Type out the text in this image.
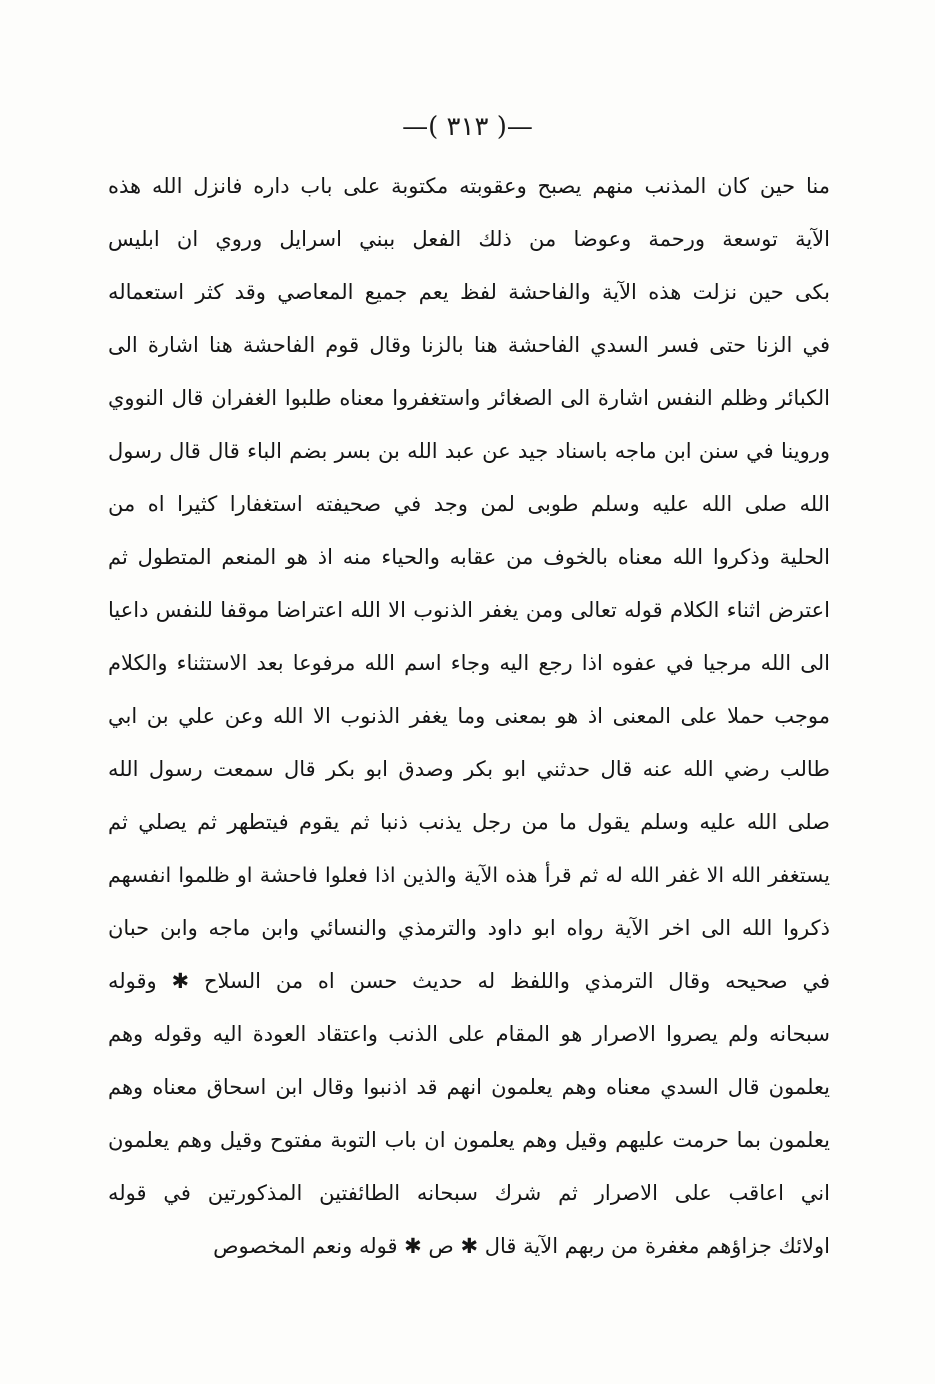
—( ٣١٣ )—
منا حين كان المذنب منهم يصبح وعقوبته مكتوبة على باب داره فانزل الله هذه
الآية توسعة ورحمة وعوضا من ذلك الفعل ببني اسرايل وروي ان ابليس
بكى حين نزلت هذه الآية والفاحشة لفظ يعم جميع المعاصي وقد كثر استعماله
في الزنا حتى فسر السدي الفاحشة هنا بالزنا وقال قوم الفاحشة هنا اشارة الى
الكبائر وظلم النفس اشارة الى الصغائر واستغفروا معناه طلبوا الغفران قال النووي
وروينا في سنن ابن ماجه باسناد جيد عن عبد الله بن بسر بضم الباء قال قال رسول
الله صلى الله عليه وسلم طوبى لمن وجد في صحيفته استغفارا كثيرا اه من
الحلية وذكروا الله معناه بالخوف من عقابه والحياء منه اذ هو المنعم المتطول ثم
اعترض اثناء الكلام قوله تعالى ومن يغفر الذنوب الا الله اعتراضا موقفا للنفس داعيا
الى الله مرجيا في عفوه اذا رجع اليه وجاء اسم الله مرفوعا بعد الاستثناء والكلام
موجب حملا على المعنى اذ هو بمعنى وما يغفر الذنوب الا الله وعن علي بن ابي
طالب رضي الله عنه قال حدثني ابو بكر وصدق ابو بكر قال سمعت رسول الله
صلى الله عليه وسلم يقول ما من رجل يذنب ذنبا ثم يقوم فيتطهر ثم يصلي ثم
يستغفر الله الا غفر الله له ثم قرأ هذه الآية والذين اذا فعلوا فاحشة او ظلموا انفسهم
ذكروا الله الى اخر الآية رواه ابو داود والترمذي والنسائي وابن ماجه وابن حبان
في صحيحه وقال الترمذي واللفظ له حديث حسن اه من السلاح ✱ وقوله
سبحانه ولم يصروا الاصرار هو المقام على الذنب واعتقاد العودة اليه وقوله وهم
يعلمون قال السدي معناه وهم يعلمون انهم قد اذنبوا وقال ابن اسحاق معناه وهم
يعلمون بما حرمت عليهم وقيل وهم يعلمون ان باب التوبة مفتوح وقيل وهم يعلمون
اني اعاقب على الاصرار ثم شرك سبحانه الطائفتين المذكورتين في قوله
اولائك جزاؤهم مغفرة من ربهم الآية قال ✱ ص ✱ قوله ونعم المخصوص
